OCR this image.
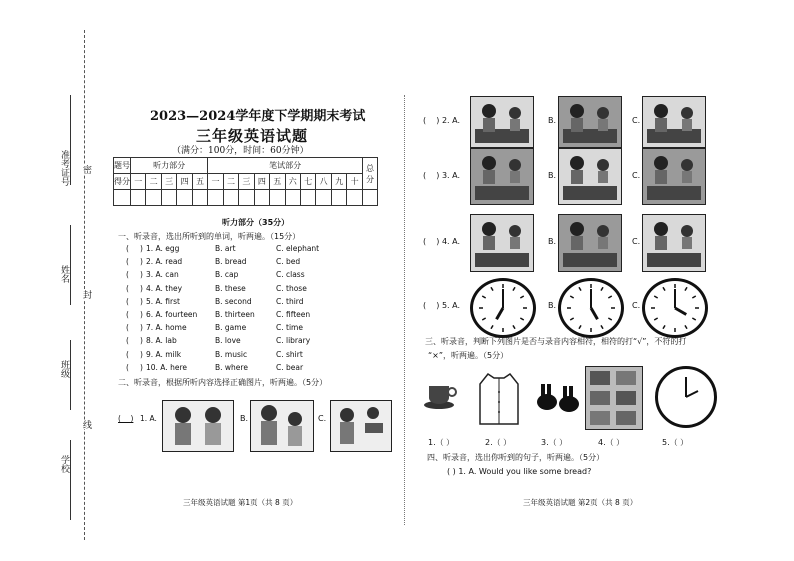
准考证号
姓名
班级
学校
密
封
线
2023—2024学年度下学期期末考试
三年级英语试题
（满分：100分，时间：60分钟）
题号	听力部分					笔试部分										总分
得分	一	二	三	四	五	一	二	三	四	五	六	七	八	九	十	

听力部分（35分）
一、听录音，选出所听到的单词，听两遍。（15分）
( ) 1. A. egg	B. art	C. elephant
( ) 2. A. read	B. bread	C. bed
( ) 3. A. can	B. cap	C. class
( ) 4. A. they	B. these	C. those
( ) 5. A. first	B. second	C. third
( ) 6. A. fourteen B. thirteen	C. fifteen
( ) 7. A. home	B. game	C. time
( ) 8. A. lab	B. love	C. library
( ) 9. A. milk	B. music	C. shirt
( ) 10. A. here	B. where	C. bear
二、听录音，根据所听内容选择正确图片，听两遍。（5分）
(    ) 1. A.	B.	C.
三年级英语试题 第1页（共 8 页）
(    ) 2. A.	B.	C.
(    ) 3. A.	B.	C.
(    ) 4. A.	B.	C.
(    ) 5. A.	B.	C.
三、听录音，判断下列图片是否与录音内容相符，相符的打“√”，不符的打
“×”，听两遍。（5分）
1.（ ）	2.（ ）	3.（ ）	4.（ ）	5.（ ）
四、听录音，选出你听到的句子，听两遍。（5分）
( ) 1. A. Would you like some bread?
三年级英语试题 第2页（共 8 页）
